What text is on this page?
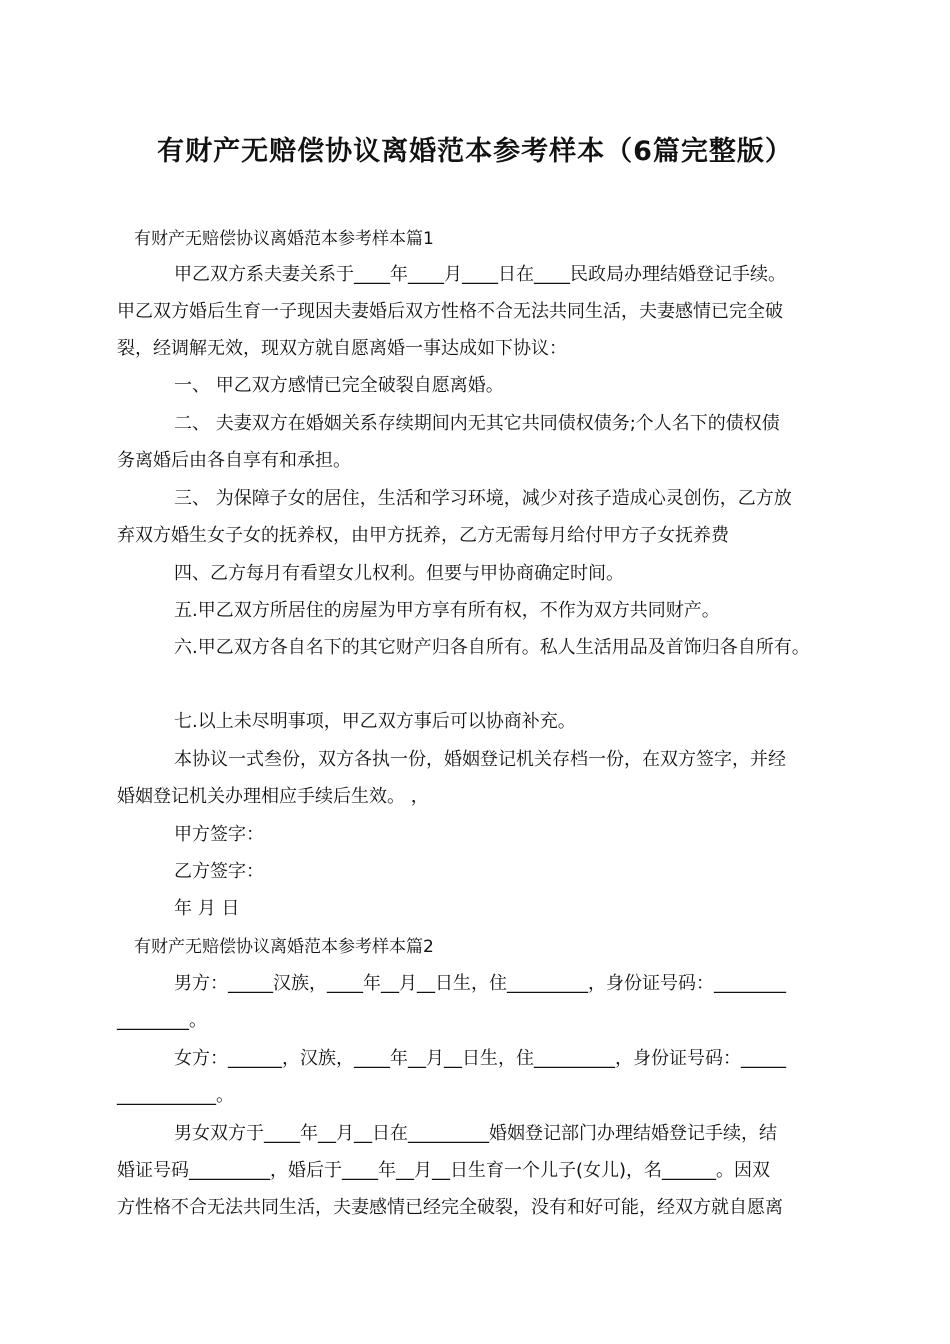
有财产无赔偿协议离婚范本参考样本（6篇完整版）
有财产无赔偿协议离婚范本参考样本篇1
甲乙双方系夫妻关系于____年____月____日在____民政局办理结婚登记手续。
甲乙双方婚后生育一子现因夫妻婚后双方性格不合无法共同生活，夫妻感情已完全破
裂，经调解无效，现双方就自愿离婚一事达成如下协议：
一、 甲乙双方感情已完全破裂自愿离婚。
二、 夫妻双方在婚姻关系存续期间内无其它共同债权债务;个人名下的债权债
务离婚后由各自享有和承担。
三、 为保障子女的居住，生活和学习环境，减少对孩子造成心灵创伤，乙方放
弃双方婚生女子女的抚养权，由甲方抚养，乙方无需每月给付甲方子女抚养费
四、乙方每月有看望女儿权利。但要与甲协商确定时间。
五.甲乙双方所居住的房屋为甲方享有所有权，不作为双方共同财产。
六.甲乙双方各自名下的其它财产归各自所有。私人生活用品及首饰归各自所有。
七.以上未尽明事项，甲乙双方事后可以协商补充。
本协议一式叁份，双方各执一份，婚姻登记机关存档一份，在双方签字，并经
婚姻登记机关办理相应手续后生效。 ，
甲方签字：
乙方签字：
年 月 日
有财产无赔偿协议离婚范本参考样本篇2
男方：_____汉族，____年__月__日生，住_________，身份证号码：________
________。
女方：______，汉族，____年__月__日生，住_________，身份证号码：_____
___________。
男女双方于____年__月__日在_________婚姻登记部门办理结婚登记手续，结
婚证号码_________，婚后于____年__月__日生育一个儿子(女儿)，名______。因双
方性格不合无法共同生活，夫妻感情已经完全破裂，没有和好可能，经双方就自愿离
